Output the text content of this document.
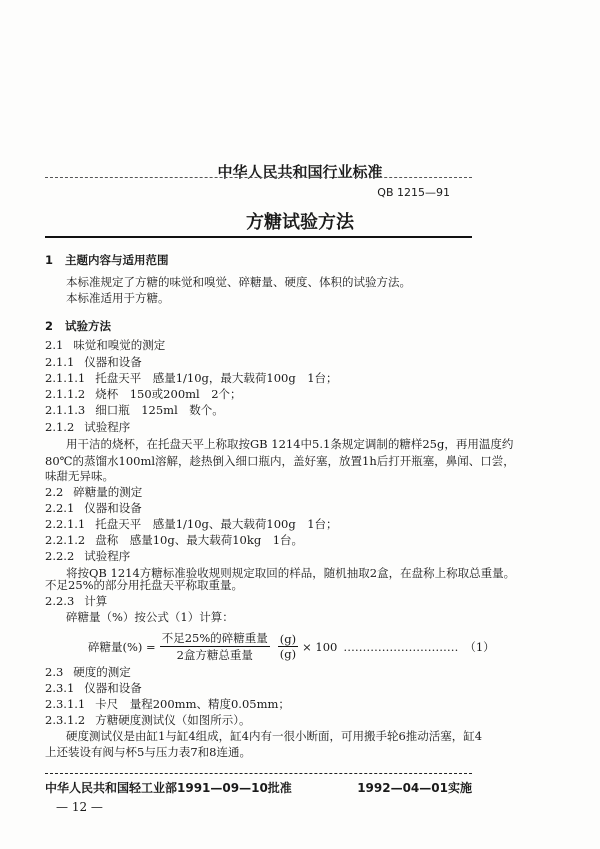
中华人民共和国行业标准
QB 1215—91
方糖试验方法
1 主题内容与适用范围
本标准规定了方糖的味觉和嗅觉、碎糖量、硬度、体积的试验方法。
本标准适用于方糖。
2 试验方法
2.1 味觉和嗅觉的测定
2.1.1 仪器和设备
2.1.1.1 托盘天平　感量1/10g，最大载荷100g　1台；
2.1.1.2 烧杯　150或200ml　2个；
2.1.1.3 细口瓶　125ml　数个。
2.1.2 试验程序
用干洁的烧杯，在托盘天平上称取按GB 1214中5.1条规定调制的糖样25g，再用温度约
80℃的蒸馏水100ml溶解，趁热倒入细口瓶内，盖好塞，放置1h后打开瓶塞，鼻闻、口尝，
味甜无异味。
2.2 碎糖量的测定
2.2.1 仪器和设备
2.2.1.1 托盘天平　感量1/10g、最大载荷100g　1台；
2.2.1.2 盘称　感量10g、最大载荷10kg　1台。
2.2.2 试验程序
将按QB 1214方糖标准验收规则规定取回的样品，随机抽取2盒，在盘称上称取总重量。
不足25%的部分用托盘天平称取重量。
2.2.3 计算
碎糖量（%）按公式（1）计算：
2.3 硬度的测定
2.3.1 仪器和设备
2.3.1.1 卡尺　量程200mm、精度0.05mm；
2.3.1.2 方糖硬度测试仪（如图所示）。
硬度测试仪是由缸1与缸4组成，缸4内有一很小断面，可用搬手轮6推动活塞，缸4
上还装设有阀与杯5与压力表7和8连通。
碎糖量(%) = $\frac{\text{不足25\%的碎糖重量}}{\text{2盒方糖总重量}} \frac{(g)}{(g)} \times 100$ ………………………… （1）
中华人民共和国轻工业部1991—09—10批准	1992—04—01实施
— 12 —
